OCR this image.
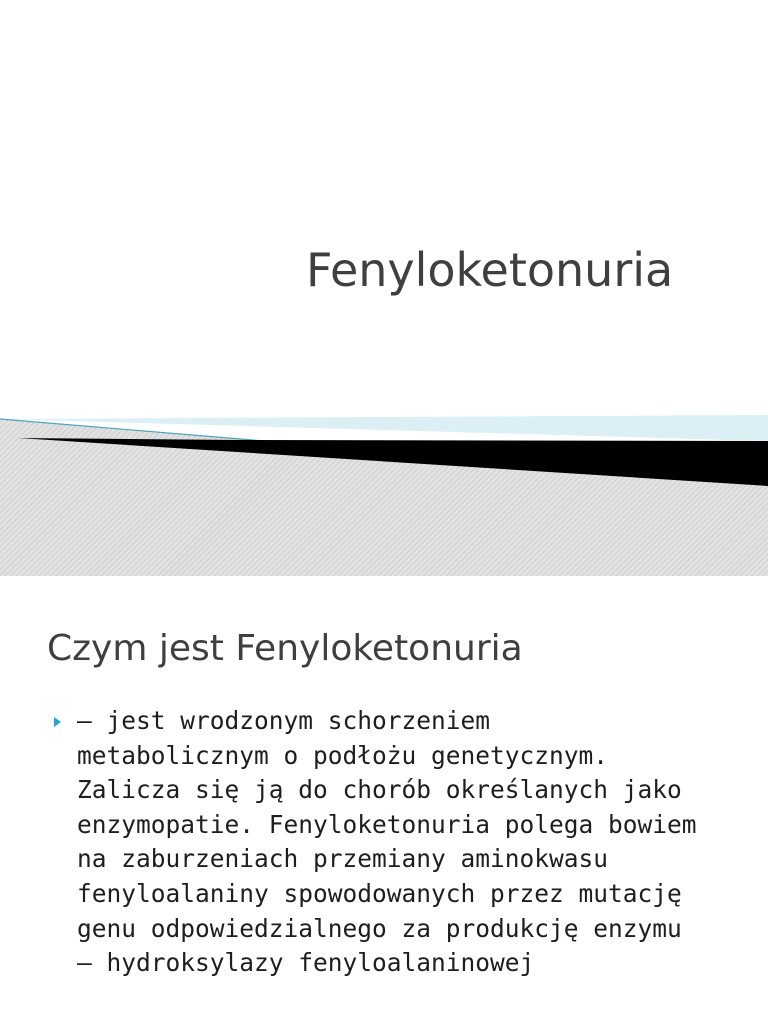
Fenyloketonuria
Czym jest Fenyloketonuria

– jest wrodzonym schorzeniem
metabolicznym o podłożu genetycznym.
Zalicza się ją do chorób określanych jako
enzymopatie. Fenyloketonuria polega bowiem
na zaburzeniach przemiany aminokwasu
fenyloalaniny spowodowanych przez mutację
genu odpowiedzialnego za produkcję enzymu
– hydroksylazy fenyloalaninowej
